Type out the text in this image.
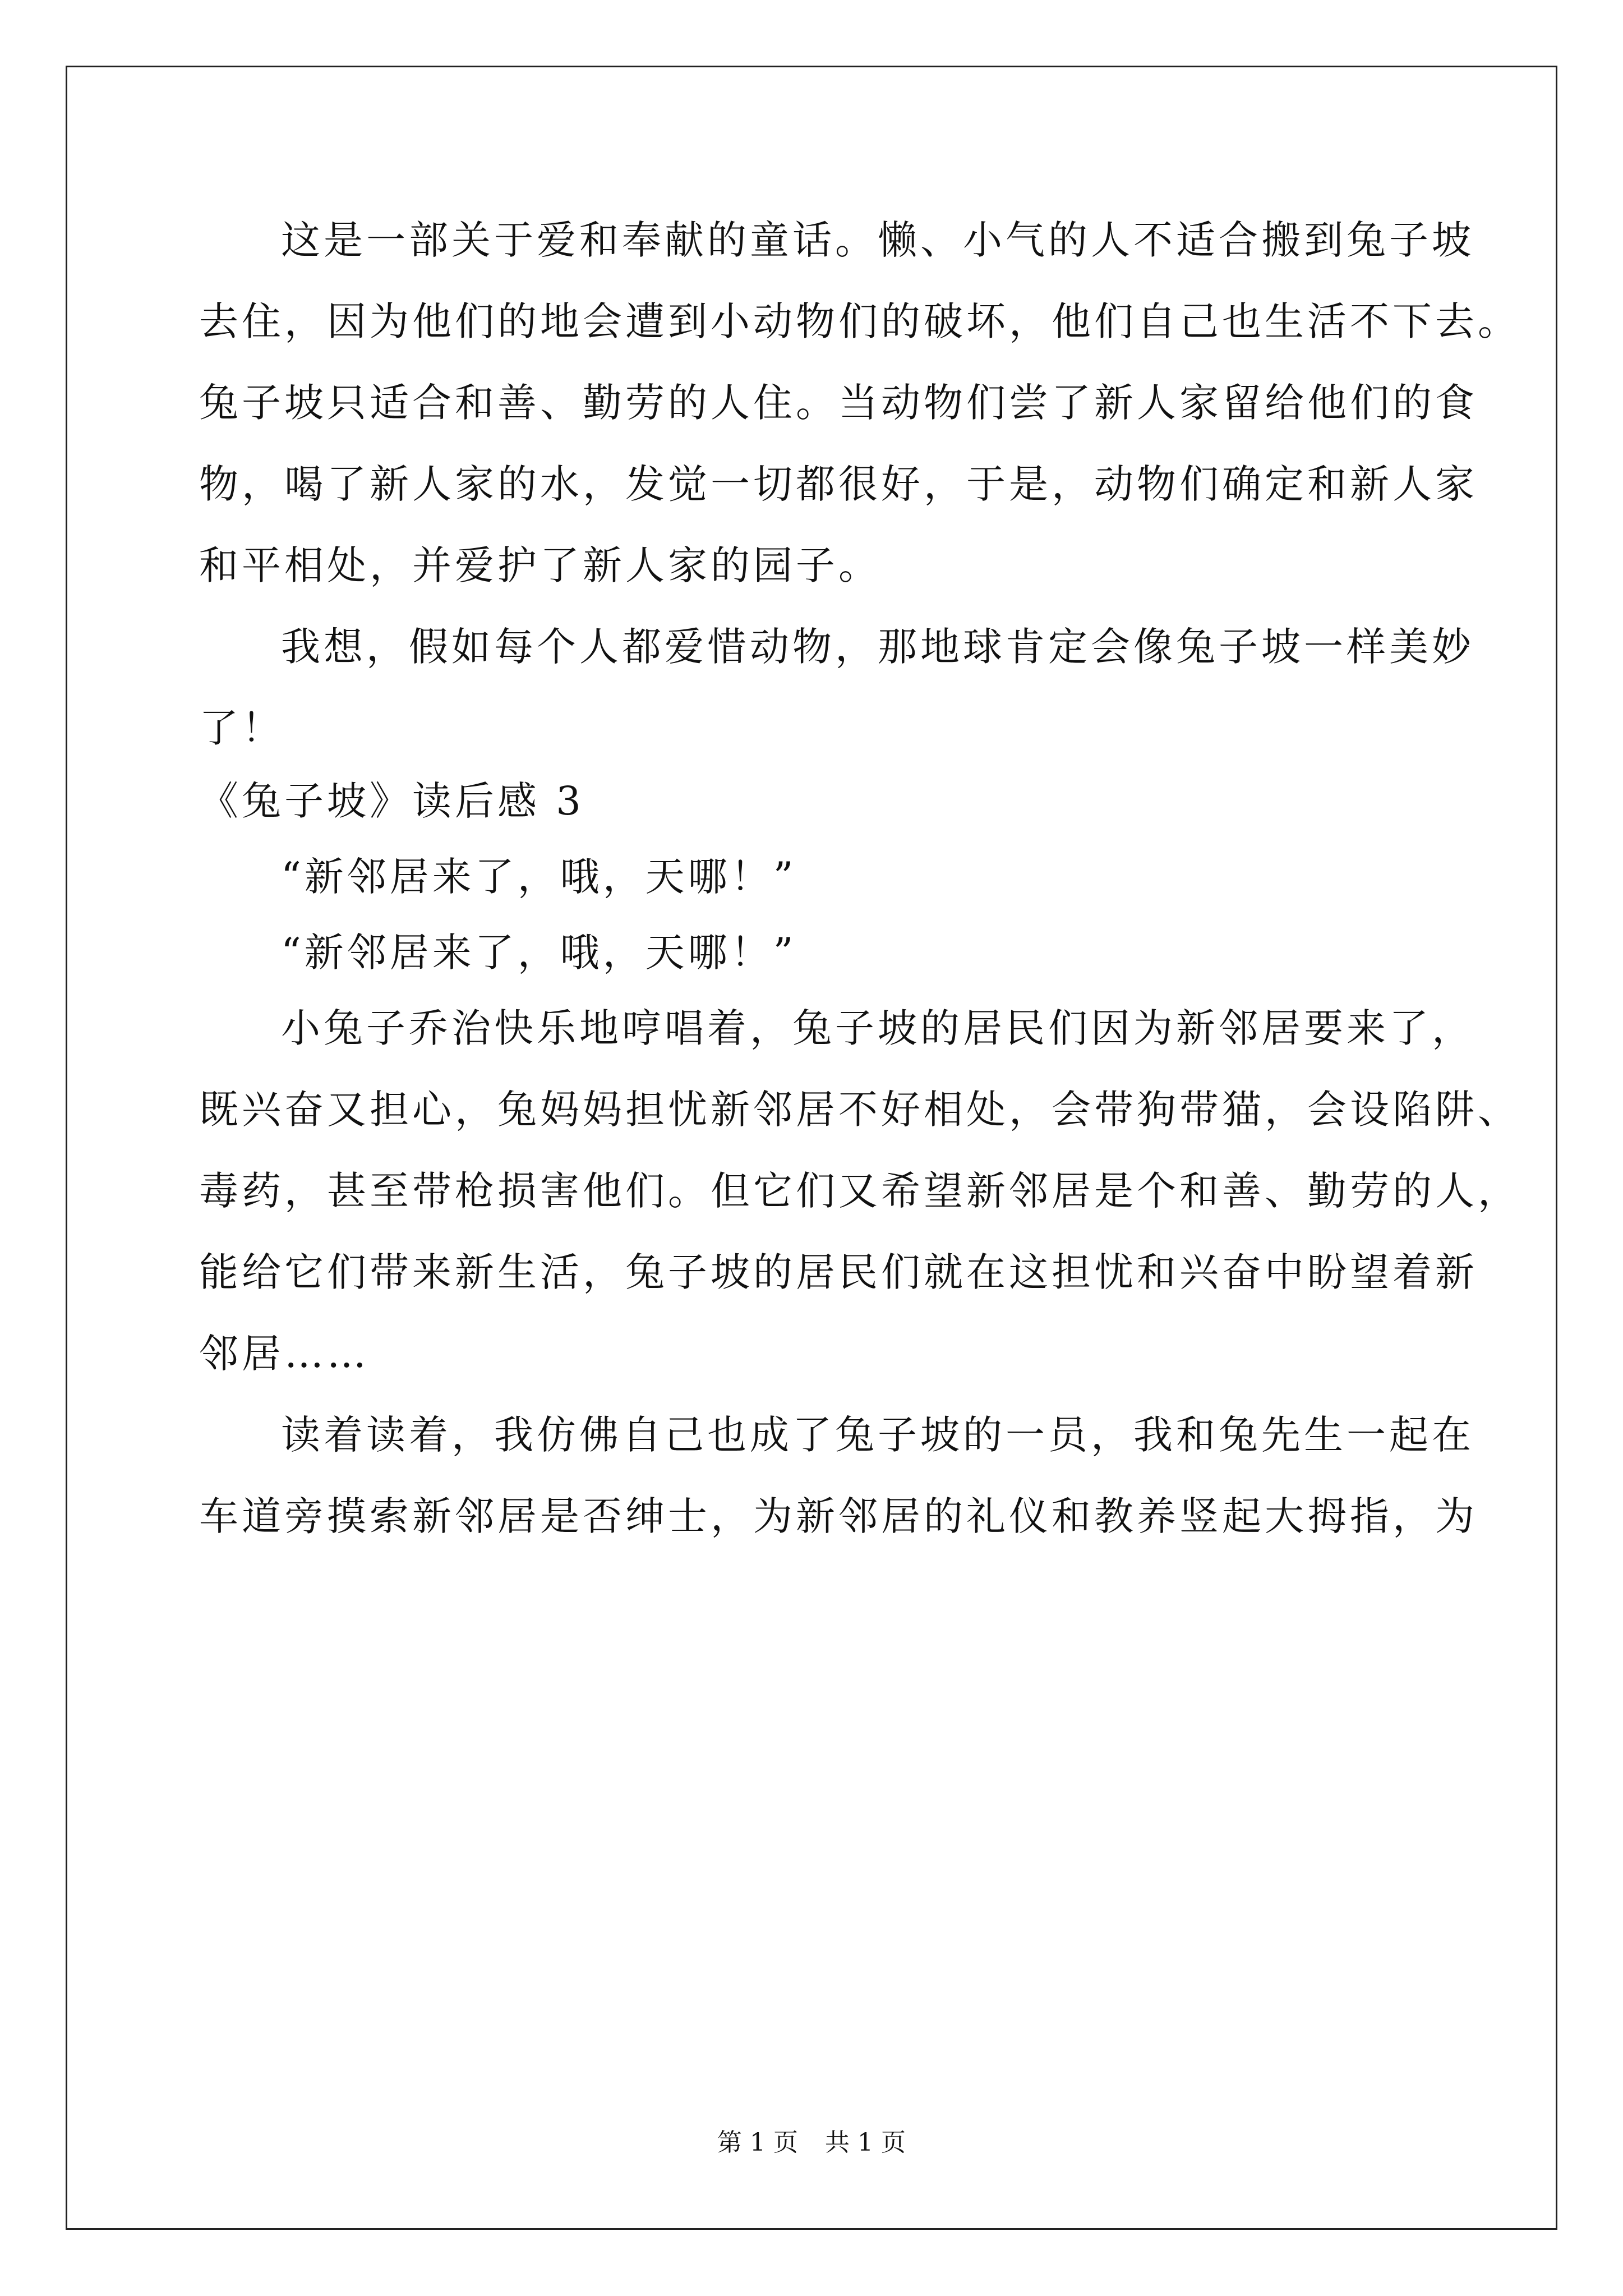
这是一部关于爱和奉献的童话。懒、小气的人不适合搬到兔子坡
去住，因为他们的地会遭到小动物们的破坏，他们自己也生活不下去。
兔子坡只适合和善、勤劳的人住。当动物们尝了新人家留给他们的食
物，喝了新人家的水，发觉一切都很好，于是，动物们确定和新人家
和平相处，并爱护了新人家的园子。
我想，假如每个人都爱惜动物，那地球肯定会像兔子坡一样美妙
了！
《兔子坡》读后感 3
“新邻居来了，哦，天哪！”
“新邻居来了，哦，天哪！”
小兔子乔治快乐地哼唱着，兔子坡的居民们因为新邻居要来了，
既兴奋又担心，兔妈妈担忧新邻居不好相处，会带狗带猫，会设陷阱、
毒药，甚至带枪损害他们。但它们又希望新邻居是个和善、勤劳的人，
能给它们带来新生活，兔子坡的居民们就在这担忧和兴奋中盼望着新
邻居……
读着读着，我仿佛自己也成了兔子坡的一员，我和兔先生一起在
车道旁摸索新邻居是否绅士，为新邻居的礼仪和教养竖起大拇指，为
第 1 页 共 1 页
